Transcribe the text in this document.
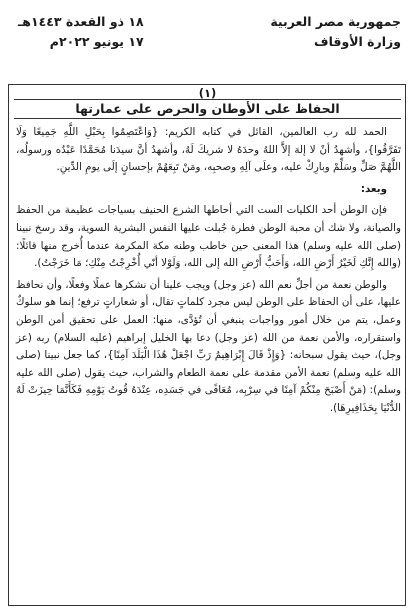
جمهورية مصر العربية
وزارة الأوقاف
١٨ ذو القعدة ١٤٤٣هـ
١٧ يونيو ٢٠٢٢م
(١)
الحفاظ على الأوطان والحرص على عمارتها

الحمد لله رب العالمين، القائل في كتابه الكريم: {وَاعْتَصِمُوا بِحَبْلِ اللَّهِ جَمِيعًا وَلَا تَفَرَّقُوا}، وأشهدُ أنْ لا إلهَ إلاَّ اللهُ وحدَهُ لا شريكَ لَهُ، وأشهدُ أنَّ سيدَنا مُحَمَّدًا عَبْدُه ورسولُه، اللَّهُمَّ صَلِّ وسَلِّمْ وبارِكْ عليه، وعلَى آلِهِ وصحبِه، ومَنْ تَبِعَهُمْ بإحسانٍ إلَى يومِ الدِّينِ.

وبعد:

فإن الوطن أحد الكليات الست التي أحاطها الشرع الحنيف بسياجات عظيمة من الحفظ والصيانة، ولا شك أن محبة الوطن فطرة جُبلت عليها النفس البشرية السوية، وقد رسخ نبينا (صلى الله عليه وسلم) هذا المعنى حين خاطب وطنه مكة المكرمة عندما أُخرج منها قائلًا: (والله إِنَّكِ لَخَيْرُ أَرْضِ الله، وَأَحَبُّ أَرْضِ الله إلى الله، وَلَوْلا أنّي أُخْرِجْتُ مِنْكِ؛ مَا خَرَجْتُ).

والوطن نعمة من أجلِّ نعم الله (عز وجل) ويجب علينا أن نشكرها عملًا وفعلًا، وأن نحافظ عليها، على أن الحفاظ على الوطن ليس مجرد كلماتٍ تقال، أو شعاراتٍ ترفع؛ إنما هو سلوكٌ وعمل، يتم من خلال أمور وواجبات ينبغي أن تُؤدَّى، منها: العمل على تحقيق أمن الوطن واستقراره، والأمن نعمة من الله (عز وجل) دعا بها الخليل إبراهيم (عليه السلام) ربه (عز وجل)، حيث يقول سبحانه: {وَإِذْ قَالَ إِبْرَاهِيمُ رَبِّ اجْعَلْ هَٰذَا الْبَلَدَ آمِنًا}، كما جعل نبينا (صلى الله عليه وسلم) نعمة الأمن مقدمة على نعمة الطعام والشراب، حيث يقول (صلى الله عليه وسلم): (مَنْ أَصْبَحَ مِنْكُمْ آمِنًا في سِرْبِه، مُعَافًى في جَسَدِه، عِنْدَهُ قُوتُ يَوْمِهِ فَكَأَنَّمَا حِيزَتْ لَهُ الدُّنْيَا بِحَذَافِيرِهَا).
